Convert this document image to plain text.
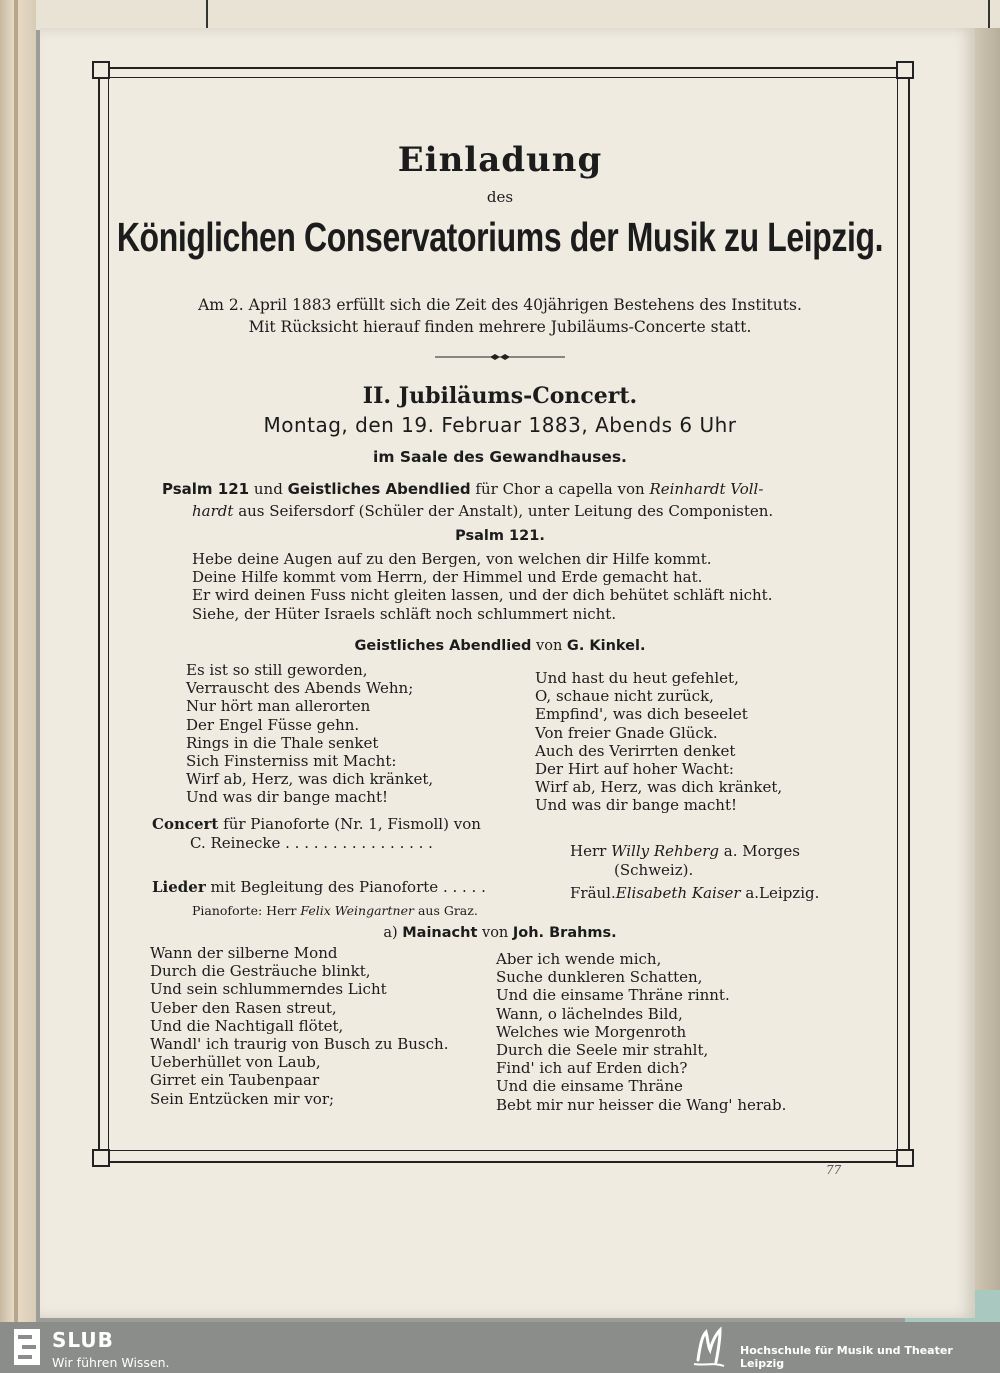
Einladung
des
Königlichen Conservatoriums der Musik zu Leipzig.
Am 2. April 1883 erfüllt sich die Zeit des 40jährigen Bestehens des Instituts.
Mit Rücksicht hierauf finden mehrere Jubiläums-Concerte statt.
II. Jubiläums-Concert.
Montag, den 19. Februar 1883, Abends 6 Uhr
im Saale des Gewandhauses.
Psalm 121 und Geistliches Abendlied für Chor a capella von Reinhardt Voll-
hardt aus Seifersdorf (Schüler der Anstalt), unter Leitung des Componisten.
Psalm 121.
Hebe deine Augen auf zu den Bergen, von welchen dir Hilfe kommt.
Deine Hilfe kommt vom Herrn, der Himmel und Erde gemacht hat.
Er wird deinen Fuss nicht gleiten lassen, und der dich behütet schläft nicht.
Siehe, der Hüter Israels schläft noch schlummert nicht.
Geistliches Abendlied von G. Kinkel.
Es ist so still geworden,
Verrauscht des Abends Wehn;
Nur hört man allerorten
Der Engel Füsse gehn.
Rings in die Thale senket
Sich Finsterniss mit Macht:
Wirf ab, Herz, was dich kränket,
Und was dir bange macht!
Und hast du heut gefehlet,
O, schaue nicht zurück,
Empfind', was dich beseelet
Von freier Gnade Glück.
Auch des Verirrten denket
Der Hirt auf hoher Wacht:
Wirf ab, Herz, was dich kränket,
Und was dir bange macht!
Concert für Pianoforte (Nr. 1, Fismoll) von
C. Reinecke . . . . . . . . . . . . . . . .	Herr Willy Rehberg a. Morges
(Schweiz).
Lieder mit Begleitung des Pianoforte . . . . .	Fräul.Elisabeth Kaiser a.Leipzig.
Pianoforte: Herr Felix Weingartner aus Graz.
a) Mainacht von Joh. Brahms.
Wann der silberne Mond
Durch die Gesträuche blinkt,
Und sein schlummerndes Licht
Ueber den Rasen streut,
Und die Nachtigall flötet,
Wandl' ich traurig von Busch zu Busch.
Ueberhüllet von Laub,
Girret ein Taubenpaar
Sein Entzücken mir vor;
Aber ich wende mich,
Suche dunkleren Schatten,
Und die einsame Thräne rinnt.
Wann, o lächelndes Bild,
Welches wie Morgenroth
Durch die Seele mir strahlt,
Find' ich auf Erden dich?
Und die einsame Thräne
Bebt mir nur heisser die Wang' herab.
77
SLUB
Wir führen Wissen.
Hochschule für Musik und Theater Leipzig
